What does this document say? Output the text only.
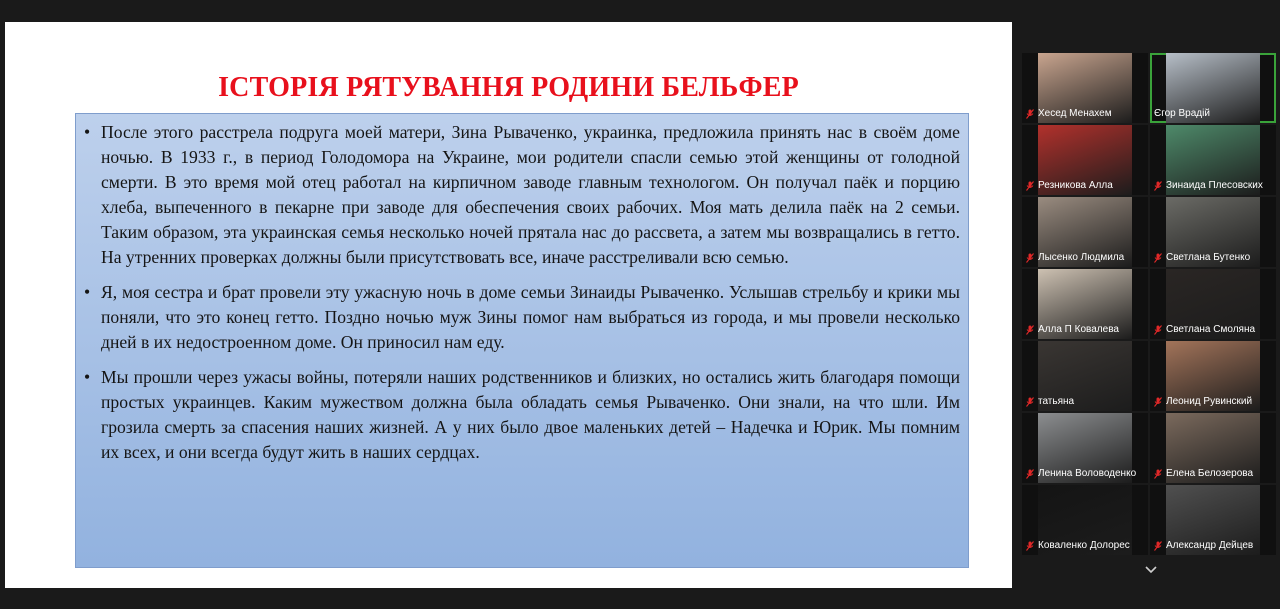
ІСТОРІЯ РЯТУВАННЯ РОДИНИ БЕЛЬФЕР
• После этого расстрела подруга моей матери, Зина Рываченко, украинка, предложила принять нас в своём доме ночью. В 1933 г., в период Голодомора на Украине, мои родители спасли семью этой женщины от голодной смерти. В это время мой отец работал на кирпичном заводе главным технологом. Он получал паёк и порцию хлеба, выпеченного в пекарне при заводе для обеспечения своих рабочих. Моя мать делила паёк на 2 семьи. Таким образом, эта украинская семья несколько ночей прятала нас до рассвета, а затем мы возвращались в гетто. На утренних проверках должны были присутствовать все, иначе расстреливали всю семью.
• Я, моя сестра и брат провели эту ужасную ночь в доме семьи Зинаиды Рываченко. Услышав стрельбу и крики мы поняли, что это конец гетто. Поздно ночью муж Зины помог нам выбраться из города, и мы провели несколько дней в их недостроенном доме. Он приносил нам еду.
• Мы прошли через ужасы войны, потеряли наших родственников и близких, но остались жить благодаря помощи простых украинцев. Каким мужеством должна была обладать семья Рываченко. Они знали, на что шли. Им грозила смерть за спасения наших жизней. А у них было двое маленьких детей – Надечка и Юрик. Мы помним их всех, и они всегда будут жить в наших сердцах.
Хесед Менахем	Єгор Врадій
Резникова Алла	Зинаида Плесовских
Лысенко Людмила	Светлана Бутенко
Алла П Ковалева	Светлана Смоляна
татьяна	Леонид Рувинский
Ленина Воловоденко	Елена Белозерова
Коваленко Долорес	Александр Дейцев
